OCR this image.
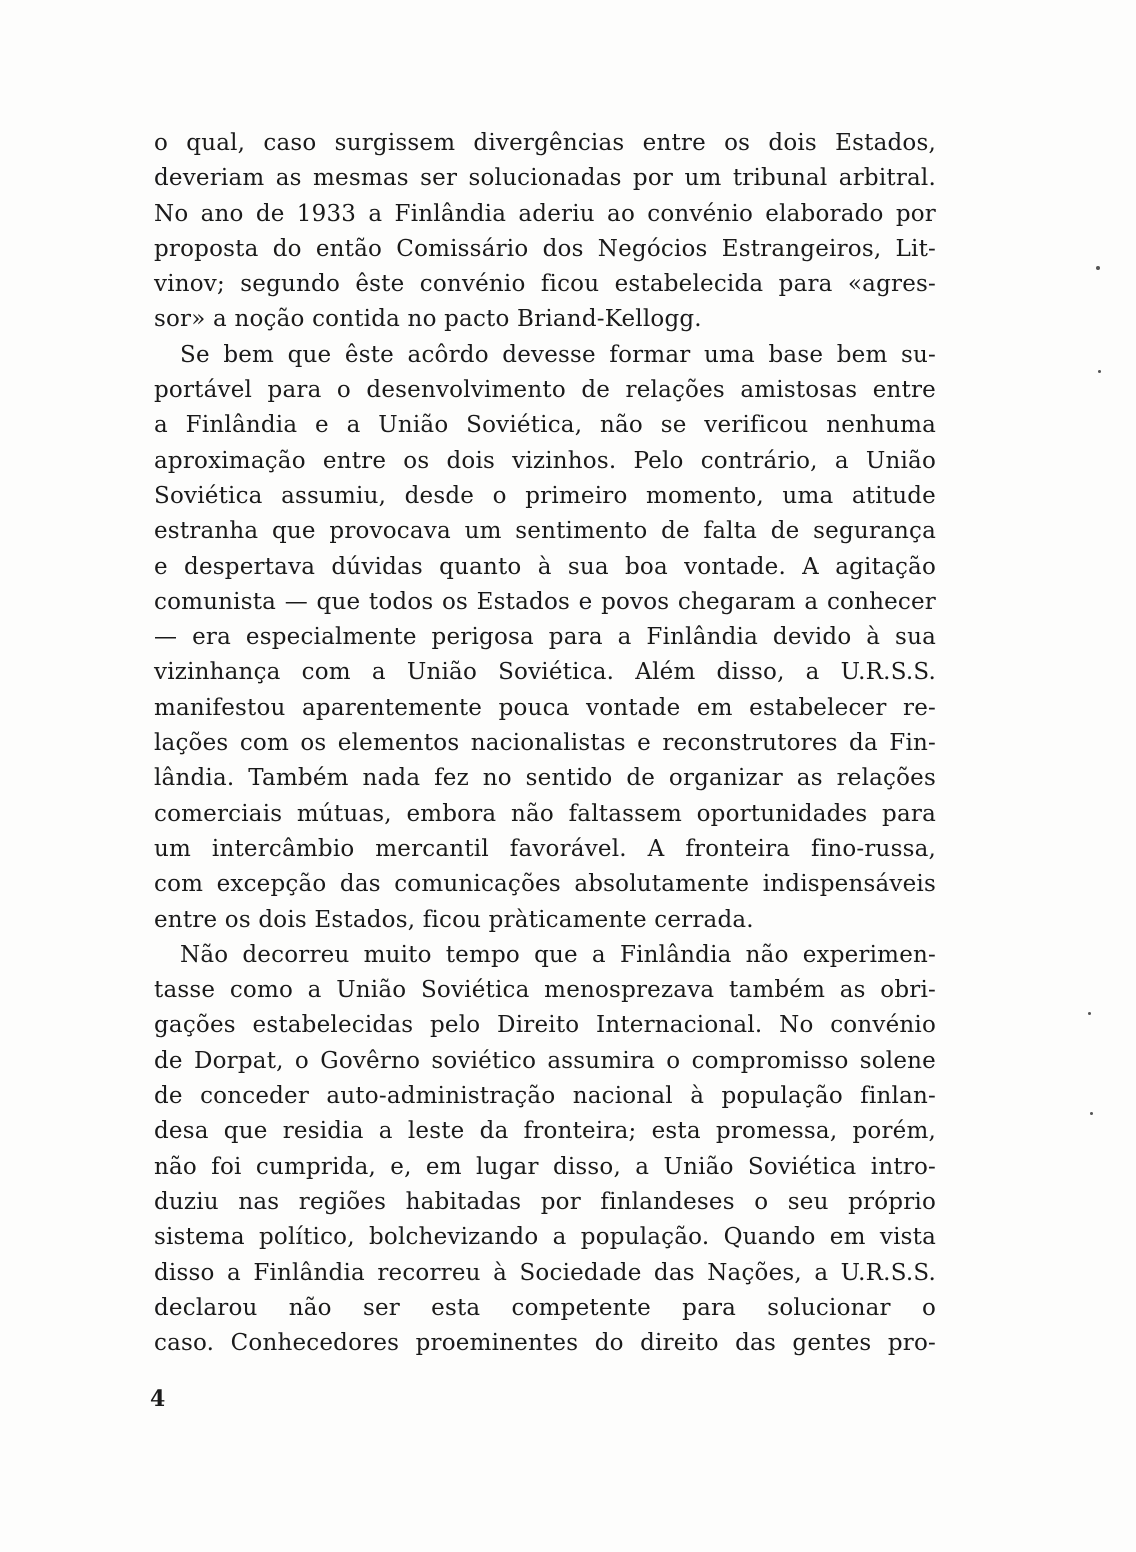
o qual, caso surgissem divergências entre os dois Estados,
deveriam as mesmas ser solucionadas por um tribunal arbitral.
No ano de 1933 a Finlândia aderiu ao convénio elaborado por
proposta do então Comissário dos Negócios Estrangeiros, Lit-
vinov; segundo êste convénio ficou estabelecida para «agres-
sor» a noção contida no pacto Briand-Kellogg.
Se bem que êste acôrdo devesse formar uma base bem su-
portável para o desenvolvimento de relações amistosas entre
a Finlândia e a União Soviética, não se verificou nenhuma
aproximação entre os dois vizinhos. Pelo contrário, a União
Soviética assumiu, desde o primeiro momento, uma atitude
estranha que provocava um sentimento de falta de segurança
e despertava dúvidas quanto à sua boa vontade. A agitação
comunista — que todos os Estados e povos chegaram a conhecer
— era especialmente perigosa para a Finlândia devido à sua
vizinhança com a União Soviética. Além disso, a U.R.S.S.
manifestou aparentemente pouca vontade em estabelecer re-
lações com os elementos nacionalistas e reconstrutores da Fin-
lândia. Também nada fez no sentido de organizar as relações
comerciais mútuas, embora não faltassem oportunidades para
um intercâmbio mercantil favorável. A fronteira fino-russa,
com excepção das comunicações absolutamente indispensáveis
entre os dois Estados, ficou pràticamente cerrada.
Não decorreu muito tempo que a Finlândia não experimen-
tasse como a União Soviética menosprezava também as obri-
gações estabelecidas pelo Direito Internacional. No convénio
de Dorpat, o Govêrno soviético assumira o compromisso solene
de conceder auto-administração nacional à população finlan-
desa que residia a leste da fronteira; esta promessa, porém,
não foi cumprida, e, em lugar disso, a União Soviética intro-
duziu nas regiões habitadas por finlandeses o seu próprio
sistema político, bolchevizando a população. Quando em vista
disso a Finlândia recorreu à Sociedade das Nações, a U.R.S.S.
declarou não ser esta competente para solucionar o
caso. Conhecedores proeminentes do direito das gentes pro-
4
